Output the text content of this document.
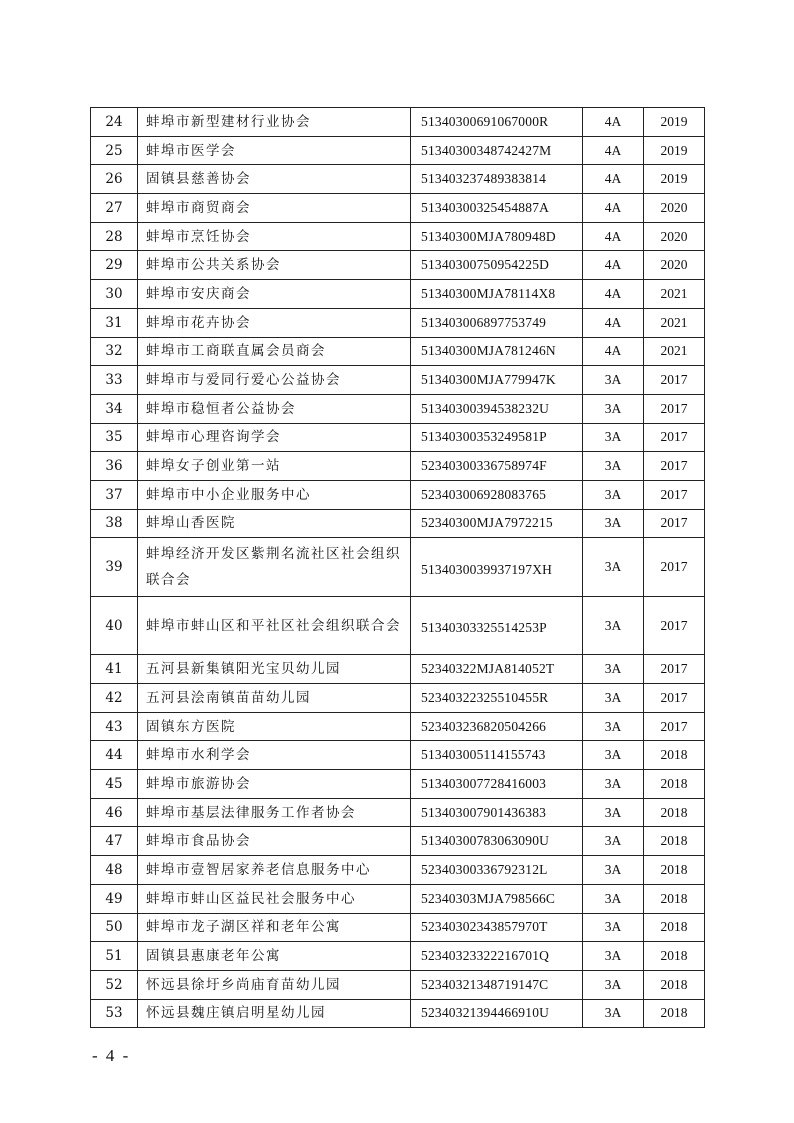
24	蚌埠市新型建材行业协会	51340300691067000R	4A	2019
25	蚌埠市医学会	51340300348742427M	4A	2019
26	固镇县慈善协会	513403237489383814	4A	2019
27	蚌埠市商贸商会	51340300325454887A	4A	2020
28	蚌埠市烹饪协会	51340300MJA780948D	4A	2020
29	蚌埠市公共关系协会	51340300750954225D	4A	2020
30	蚌埠市安庆商会	51340300MJA78114X8	4A	2021
31	蚌埠市花卉协会	513403006897753749	4A	2021
32	蚌埠市工商联直属会员商会	51340300MJA781246N	4A	2021
33	蚌埠市与爱同行爱心公益协会	51340300MJA779947K	3A	2017
34	蚌埠市稳恒者公益协会	51340300394538232U	3A	2017
35	蚌埠市心理咨询学会	51340300353249581P	3A	2017
36	蚌埠女子创业第一站	52340300336758974F	3A	2017
37	蚌埠市中小企业服务中心	523403006928083765	3A	2017
38	蚌埠山香医院	52340300MJA7972215	3A	2017
39	蚌埠经济开发区紫荆名流社区社会组织联合会	5134030039937197XH	3A	2017
40	蚌埠市蚌山区和平社区社会组织联合会	51340303325514253P	3A	2017
41	五河县新集镇阳光宝贝幼儿园	52340322MJA814052T	3A	2017
42	五河县浍南镇苗苗幼儿园	52340322325510455R	3A	2017
43	固镇东方医院	523403236820504266	3A	2017
44	蚌埠市水利学会	513403005114155743	3A	2018
45	蚌埠市旅游协会	513403007728416003	3A	2018
46	蚌埠市基层法律服务工作者协会	513403007901436383	3A	2018
47	蚌埠市食品协会	51340300783063090U	3A	2018
48	蚌埠市壹智居家养老信息服务中心	52340300336792312L	3A	2018
49	蚌埠市蚌山区益民社会服务中心	52340303MJA798566C	3A	2018
50	蚌埠市龙子湖区祥和老年公寓	52340302343857970T	3A	2018
51	固镇县惠康老年公寓	52340323322216701Q	3A	2018
52	怀远县徐圩乡尚庙育苗幼儿园	52340321348719147C	3A	2018
53	怀远县魏庄镇启明星幼儿园	52340321394466910U	3A	2018
- 4 -
